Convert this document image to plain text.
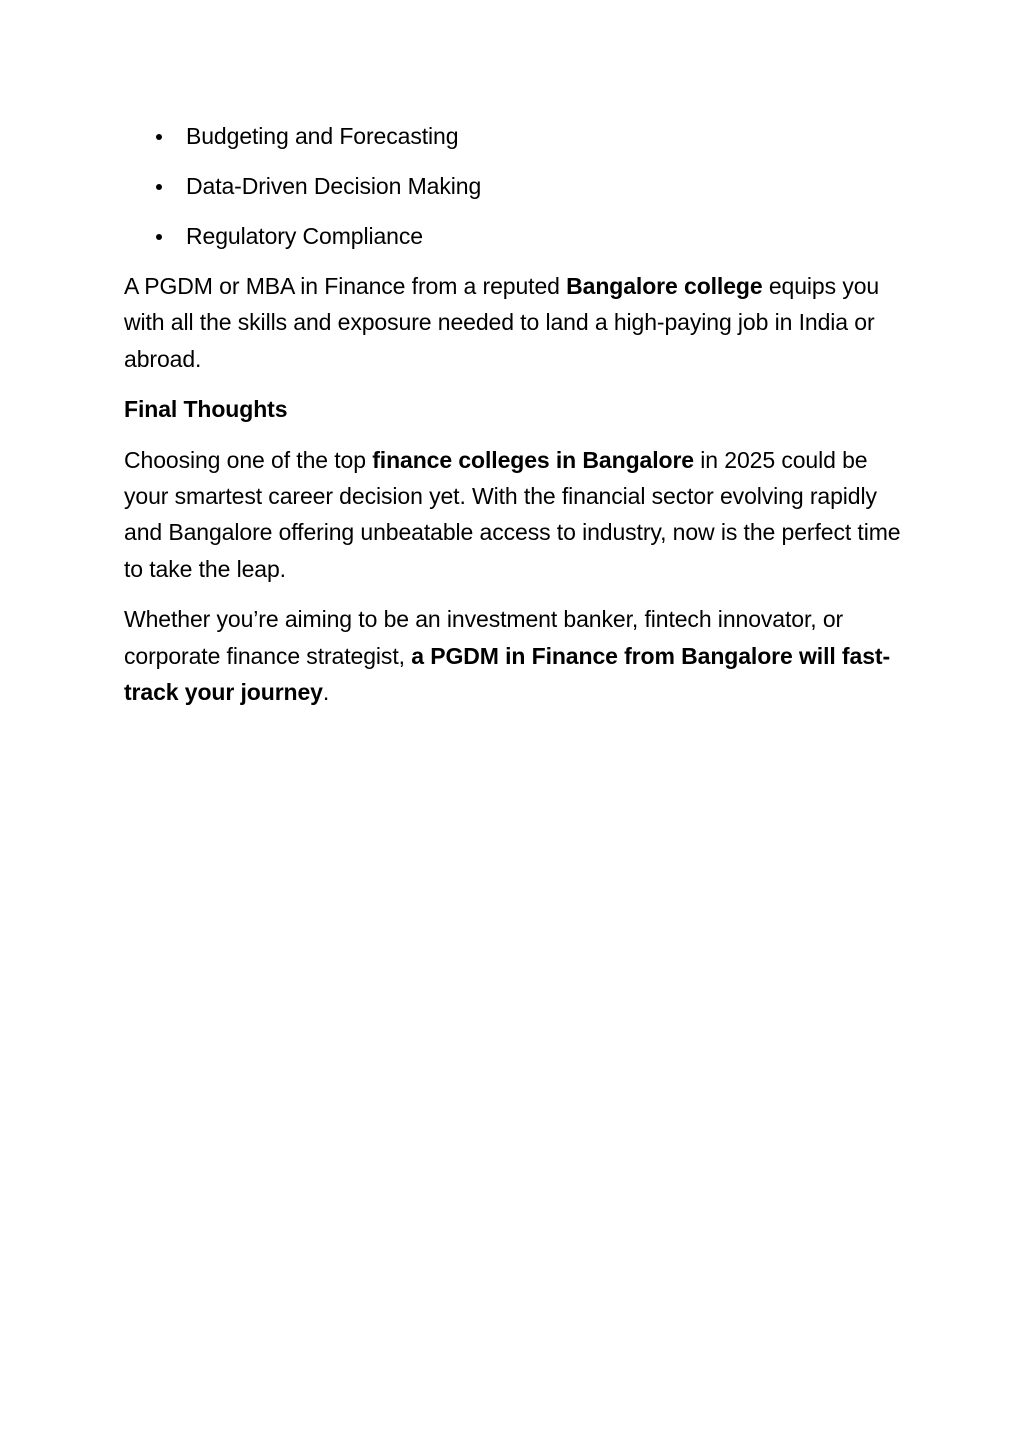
Budgeting and Forecasting
Data-Driven Decision Making
Regulatory Compliance

A PGDM or MBA in Finance from a reputed Bangalore college equips you with all the skills and exposure needed to land a high-paying job in India or abroad.

Final Thoughts

Choosing one of the top finance colleges in Bangalore in 2025 could be your smartest career decision yet. With the financial sector evolving rapidly and Bangalore offering unbeatable access to industry, now is the perfect time to take the leap.

Whether you’re aiming to be an investment banker, fintech innovator, or corporate finance strategist, a PGDM in Finance from Bangalore will fast-track your journey.
